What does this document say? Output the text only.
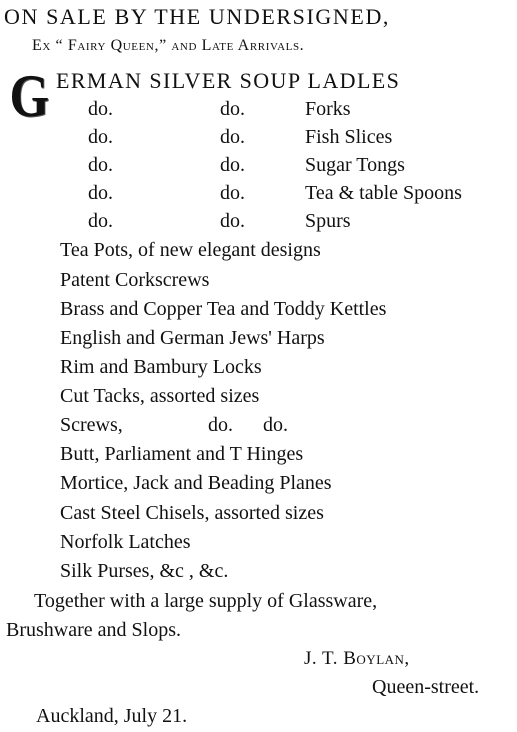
ON SALE BY THE UNDERSIGNED,
Ex “ Fairy Queen,” and Late Arrivals.
G ERMAN SILVER SOUP LADLES
do.	do.	Forks
do.	do.	Fish Slices
do.	do.	Sugar Tongs
do.	do.	Tea & table Spoons
do.	do.	Spurs
Tea Pots, of new elegant designs
Patent Corkscrews
Brass and Copper Tea and Toddy Kettles
English and German Jews' Harps
Rim and Bambury Locks
Cut Tacks, assorted sizes
Screws,	do. do.
Butt, Parliament and T Hinges
Mortice, Jack and Beading Planes
Cast Steel Chisels, assorted sizes
Norfolk Latches
Silk Purses, &c , &c.
Together with a large supply of Glassware,
Brushware and Slops.
J. T. Boylan,
Queen-street.
Auckland, July 21.
